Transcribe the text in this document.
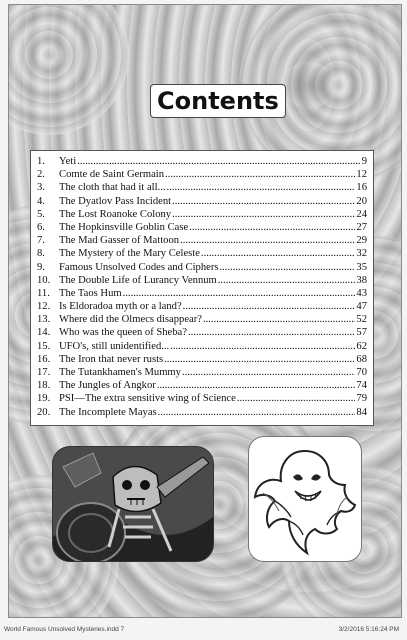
Contents
1.	Yeti .....	9
2.	Comte de Saint Germain .....	12
3.	The cloth that had it all... .....	16
4.	The Dyatlov Pass Incident .....	20
5.	The Lost Roanoke Colony .....	24
6.	The Hopkinsville Goblin Case .....	27
7.	The Mad Gasser of Mattoon .....	29
8.	The Mystery of the Mary Celeste .....	32
9.	Famous Unsolved Codes and Ciphers .....	35
10. The Double Life of Lurancy Vennum .....	38
11. The Taos Hum .....	43
12. Is Eldoradoa myth or a land? .....	47
13. Where did the Olmecs disappear? .....	52
14. Who was the queen of Sheba? .....	57
15. UFO's, still unidentified... .....	62
16. The Iron that never rusts .....	68
17. The Tutankhamen's Mummy .....	70
18. The Jungles of Angkor .....	74
19. PSI—The extra sensitive wing of Science .....	79
20. The Incomplete Mayas .....	84
World Famous Unsolved Mysteries.indd 7	3/2/2016 5:16:24 PM
